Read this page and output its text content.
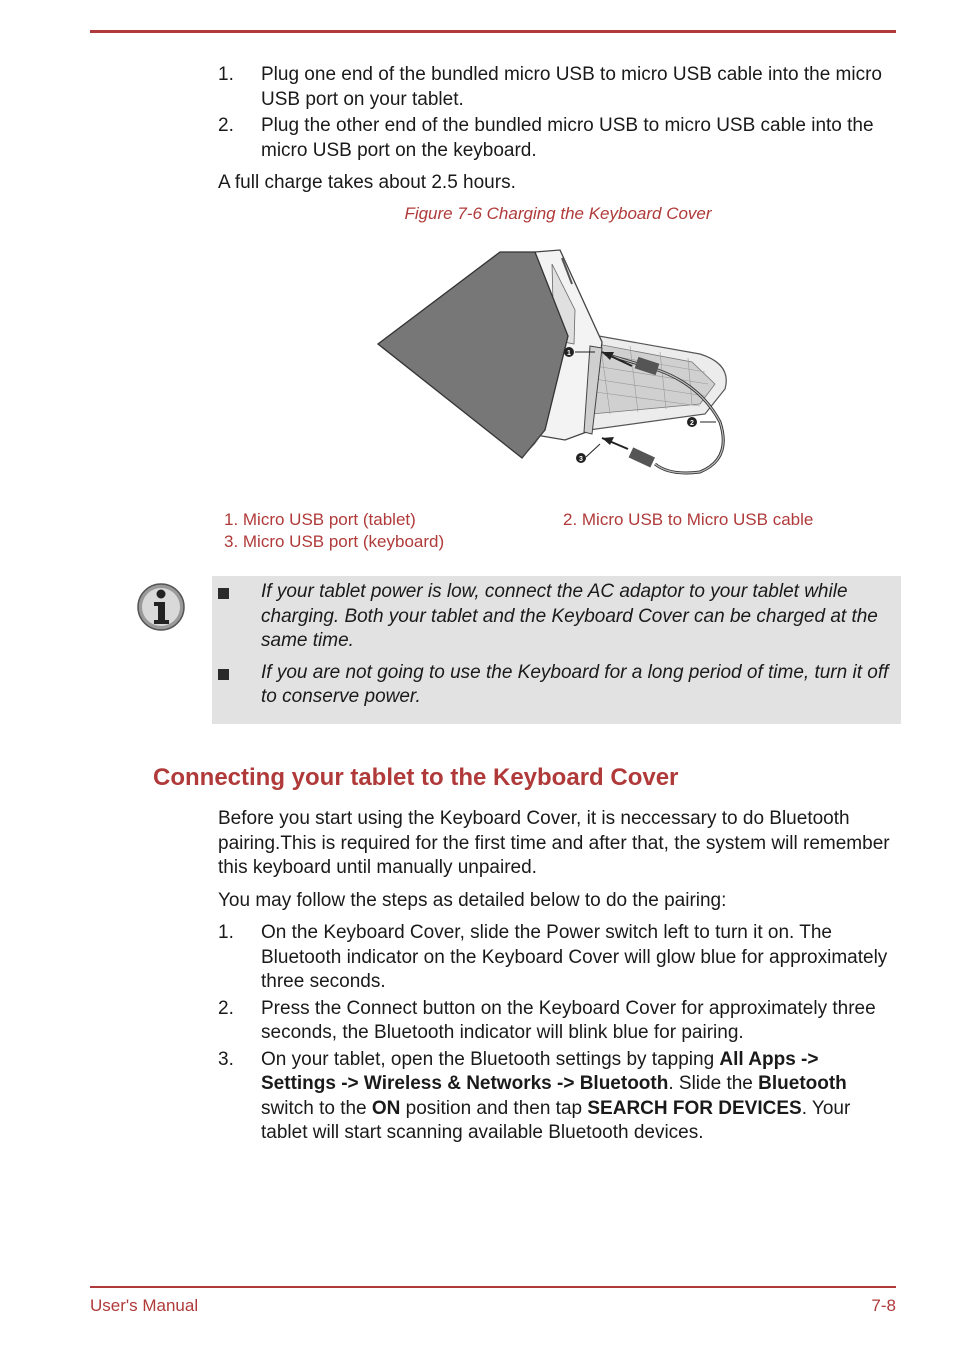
1. Plug one end of the bundled micro USB to micro USB cable into the micro USB port on your tablet.
2. Plug the other end of the bundled micro USB to micro USB cable into the micro USB port on the keyboard.

A full charge takes about 2.5 hours.

Figure 7-6 Charging the Keyboard Cover
1
2
3
1. Micro USB port (tablet)	2. Micro USB to Micro USB cable
3. Micro USB port (keyboard)
If your tablet power is low, connect the AC adaptor to your tablet while charging. Both your tablet and the Keyboard Cover can be charged at the same time.
If you are not going to use the Keyboard for a long period of time, turn it off to conserve power.
Connecting your tablet to the Keyboard Cover

Before you start using the Keyboard Cover, it is neccessary to do Bluetooth pairing.This is required for the first time and after that, the system will remember this keyboard until manually unpaired.

You may follow the steps as detailed below to do the pairing:

1. On the Keyboard Cover, slide the Power switch left to turn it on. The Bluetooth indicator on the Keyboard Cover will glow blue for approximately three seconds.
2. Press the Connect button on the Keyboard Cover for approximately three seconds, the Bluetooth indicator will blink blue for pairing.
3. On your tablet, open the Bluetooth settings by tapping All Apps -> Settings -> Wireless & Networks -> Bluetooth. Slide the Bluetooth switch to the ON position and then tap SEARCH FOR DEVICES. Your tablet will start scanning available Bluetooth devices.
User's Manual	7-8
